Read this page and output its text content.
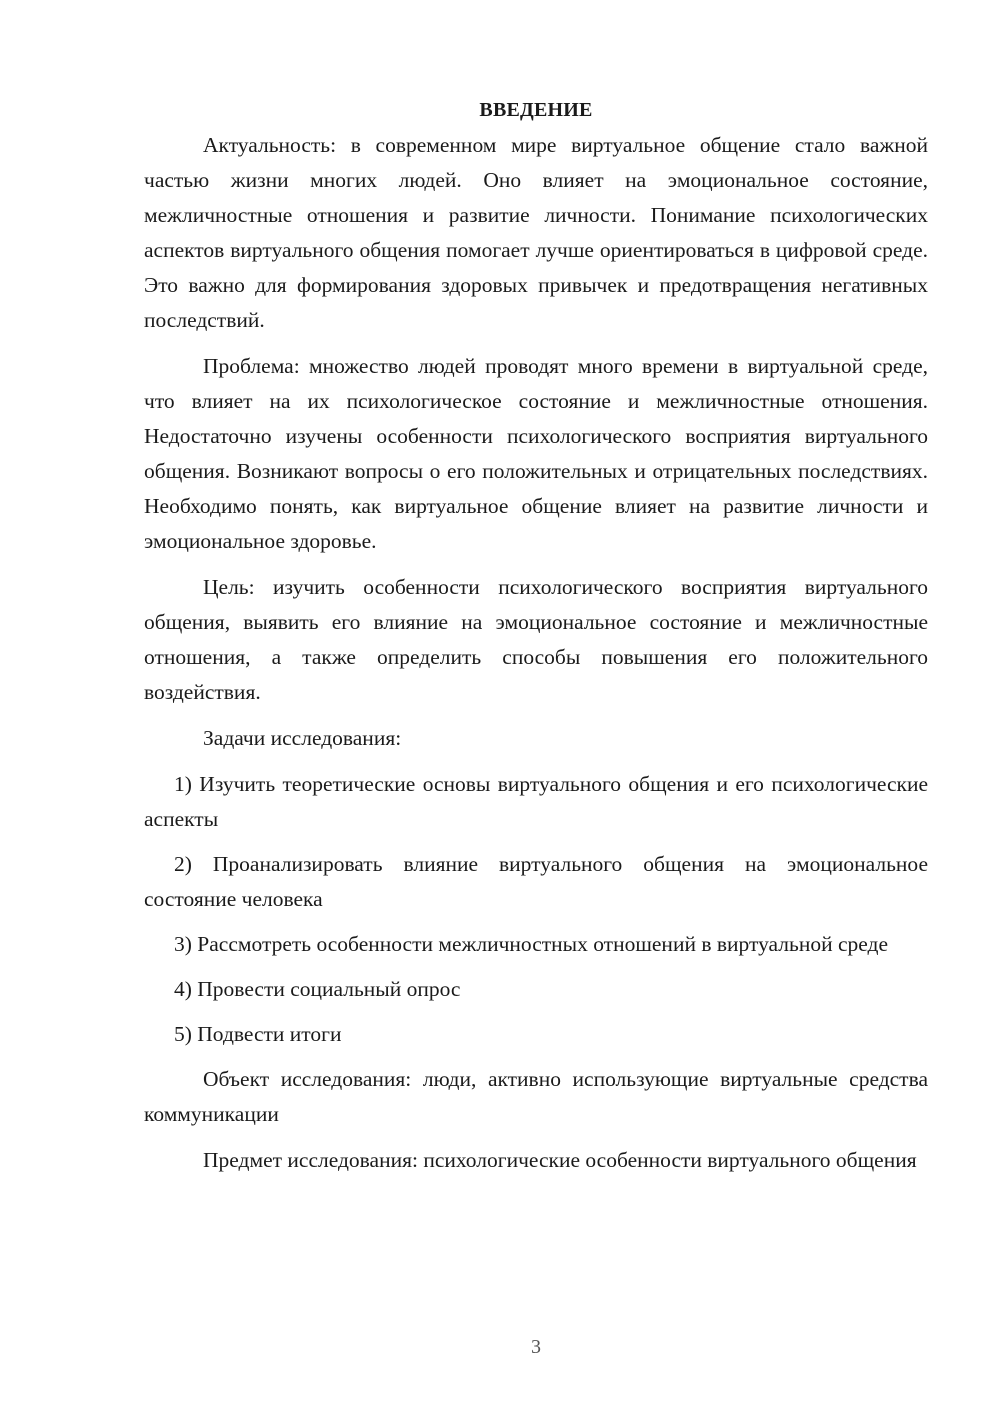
ВВЕДЕНИЕ

Актуальность: в современном мире виртуальное общение стало важной частью жизни многих людей. Оно влияет на эмоциональное состояние, межличностные отношения и развитие личности. Понимание психологических аспектов виртуального общения помогает лучше ориентироваться в цифровой среде. Это важно для формирования здоровых привычек и предотвращения негативных последствий.

Проблема: множество людей проводят много времени в виртуальной среде, что влияет на их психологическое состояние и межличностные отношения. Недостаточно изучены особенности психологического восприятия виртуального общения. Возникают вопросы о его положительных и отрицательных последствиях. Необходимо понять, как виртуальное общение влияет на развитие личности и эмоциональное здоровье.

Цель: изучить особенности психологического восприятия виртуального общения, выявить его влияние на эмоциональное состояние и межличностные отношения, а также определить способы повышения его положительного воздействия.

Задачи исследования:

1) Изучить теоретические основы виртуального общения и его психологические аспекты

2) Проанализировать влияние виртуального общения на эмоциональное состояние человека

3) Рассмотреть особенности межличностных отношений в виртуальной среде

4) Провести социальный опрос

5) Подвести итоги

Объект исследования: люди, активно использующие виртуальные средства коммуникации

Предмет исследования: психологические особенности виртуального общения

3
